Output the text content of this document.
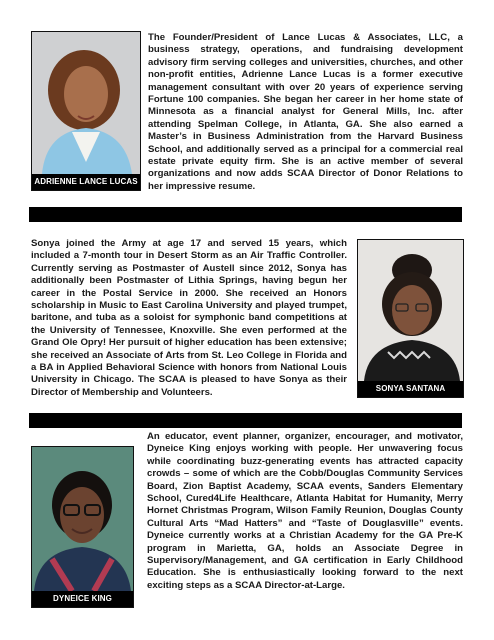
ADRIENNE LANCE LUCAS
The Founder/President of Lance Lucas & Associates, LLC, a business strategy, operations, and fundraising development advisory firm serving colleges and universities, churches, and other non-profit entities, Adrienne Lance Lucas is a former executive management consultant with over 20 years of experience serving Fortune 100 companies. She began her career in her home state of Minnesota as a financial analyst for General Mills, Inc. after attending Spelman College, in Atlanta, GA. She also earned a Master’s in Business Administration from the Harvard Business School, and additionally served as a principal for a commercial real estate private equity firm. She is an active member of several organizations and now adds SCAA Director of Donor Relations to her impressive resume.
Sonya joined the Army at age 17 and served 15 years, which included a 7-month tour in Desert Storm as an Air Traffic Controller. Currently serving as Postmaster of Austell since 2012, Sonya has additionally been Postmaster of Lithia Springs, having begun her career in the Postal Service in 2000. She received an Honors scholarship in Music to East Carolina University and played trumpet, baritone, and tuba as a soloist for symphonic band competitions at the University of Tennessee, Knoxville. She even performed at the Grand Ole Opry! Her pursuit of higher education has been extensive; she received an Associate of Arts from St. Leo College in Florida and a BA in Applied Behavioral Science with honors from National Louis University in Chicago. The SCAA is pleased to have Sonya as their Director of Membership and Volunteers.	SONYA SANTANA
DYNEICE KING
An educator, event planner, organizer, encourager, and motivator, Dyneice King enjoys working with people. Her unwavering focus while coordinating buzz-generating events has attracted capacity crowds – some of which are the Cobb/Douglas Community Services Board, Zion Baptist Academy, SCAA events, Sanders Elementary School, Cured4Life Healthcare, Atlanta Habitat for Humanity, Merry Hornet Christmas Program, Wilson Family Reunion, Douglas County Cultural Arts “Mad Hatters” and “Taste of Douglasville” events. Dyneice currently works at a Christian Academy for the GA Pre-K program in Marietta, GA, holds an Associate Degree in Supervisory/Management, and GA certification in Early Childhood Education. She is enthusiastically looking forward to the next exciting steps as a SCAA Director-at-Large.
